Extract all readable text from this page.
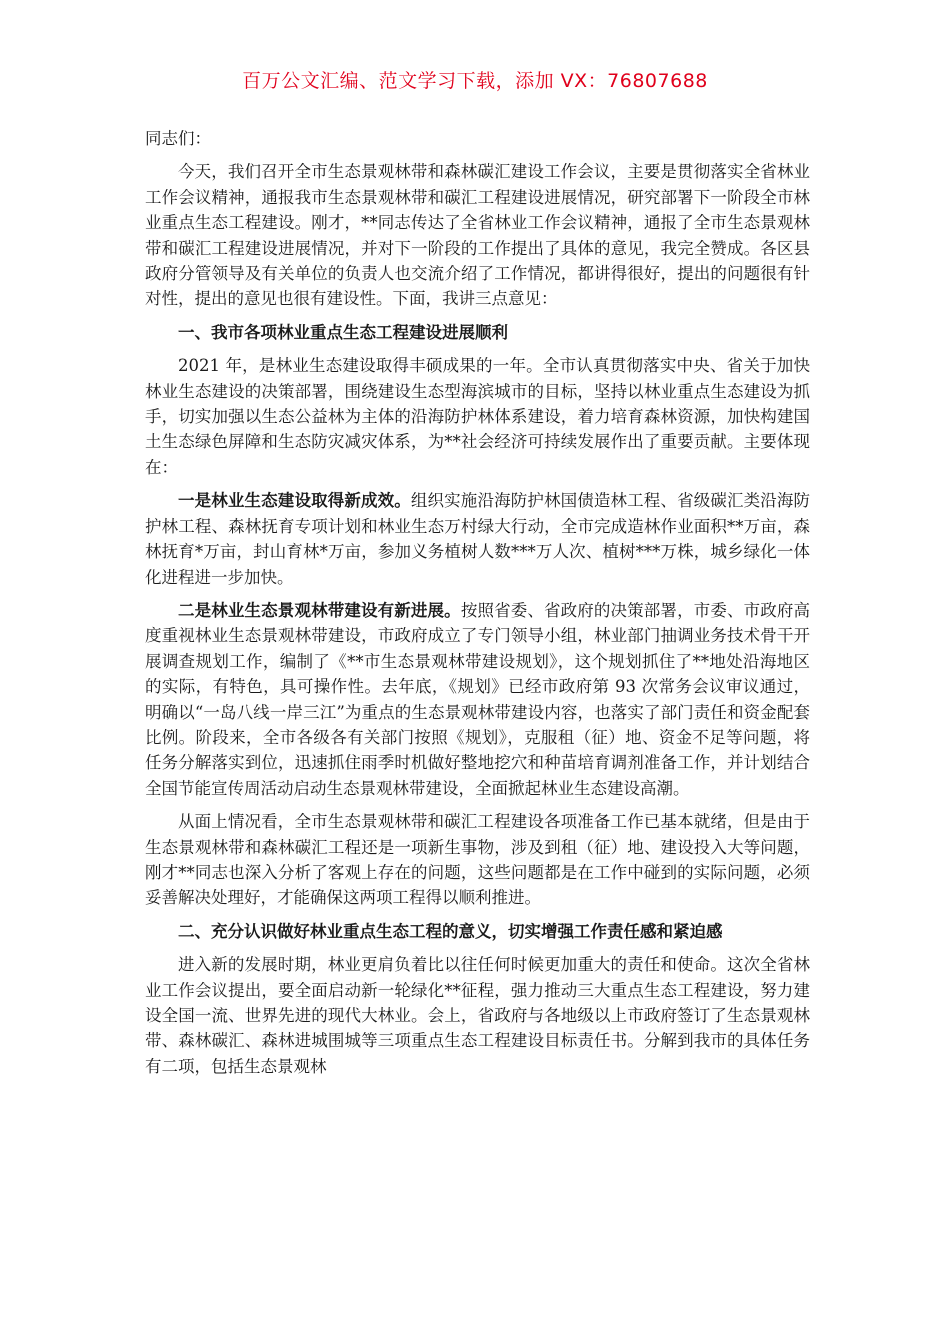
百万公文汇编、范文学习下载，添加 VX：76807688

同志们：

今天，我们召开全市生态景观林带和森林碳汇建设工作会议，主要是贯彻落实全省林业工作会议精神，通报我市生态景观林带和碳汇工程建设进展情况，研究部署下一阶段全市林业重点生态工程建设。刚才，**同志传达了全省林业工作会议精神，通报了全市生态景观林带和碳汇工程建设进展情况，并对下一阶段的工作提出了具体的意见，我完全赞成。各区县政府分管领导及有关单位的负责人也交流介绍了工作情况，都讲得很好，提出的问题很有针对性，提出的意见也很有建设性。下面，我讲三点意见：

一、我市各项林业重点生态工程建设进展顺利

2021 年，是林业生态建设取得丰硕成果的一年。全市认真贯彻落实中央、省关于加快林业生态建设的决策部署，围绕建设生态型海滨城市的目标，坚持以林业重点生态建设为抓手，切实加强以生态公益林为主体的沿海防护林体系建设，着力培育森林资源，加快构建国土生态绿色屏障和生态防灾减灾体系，为**社会经济可持续发展作出了重要贡献。主要体现在：

一是林业生态建设取得新成效。组织实施沿海防护林国债造林工程、省级碳汇类沿海防护林工程、森林抚育专项计划和林业生态万村绿大行动，全市完成造林作业面积**万亩，森林抚育*万亩，封山育林*万亩，参加义务植树人数***万人次、植树***万株，城乡绿化一体化进程进一步加快。

二是林业生态景观林带建设有新进展。按照省委、省政府的决策部署，市委、市政府高度重视林业生态景观林带建设，市政府成立了专门领导小组，林业部门抽调业务技术骨干开展调查规划工作，编制了《**市生态景观林带建设规划》，这个规划抓住了**地处沿海地区的实际，有特色，具可操作性。去年底，《规划》已经市政府第 93 次常务会议审议通过，明确以“一岛八线一岸三江”为重点的生态景观林带建设内容，也落实了部门责任和资金配套比例。阶段来，全市各级各有关部门按照《规划》，克服租（征）地、资金不足等问题，将任务分解落实到位，迅速抓住雨季时机做好整地挖穴和种苗培育调剂准备工作，并计划结合全国节能宣传周活动启动生态景观林带建设，全面掀起林业生态建设高潮。

从面上情况看，全市生态景观林带和碳汇工程建设各项准备工作已基本就绪，但是由于生态景观林带和森林碳汇工程还是一项新生事物，涉及到租（征）地、建设投入大等问题，刚才**同志也深入分析了客观上存在的问题，这些问题都是在工作中碰到的实际问题，必须妥善解决处理好，才能确保这两项工程得以顺利推进。

二、充分认识做好林业重点生态工程的意义，切实增强工作责任感和紧迫感

进入新的发展时期，林业更肩负着比以往任何时候更加重大的责任和使命。这次全省林业工作会议提出，要全面启动新一轮绿化**征程，强力推动三大重点生态工程建设，努力建设全国一流、世界先进的现代大林业。会上，省政府与各地级以上市政府签订了生态景观林带、森林碳汇、森林进城围城等三项重点生态工程建设目标责任书。分解到我市的具体任务有二项，包括生态景观林
